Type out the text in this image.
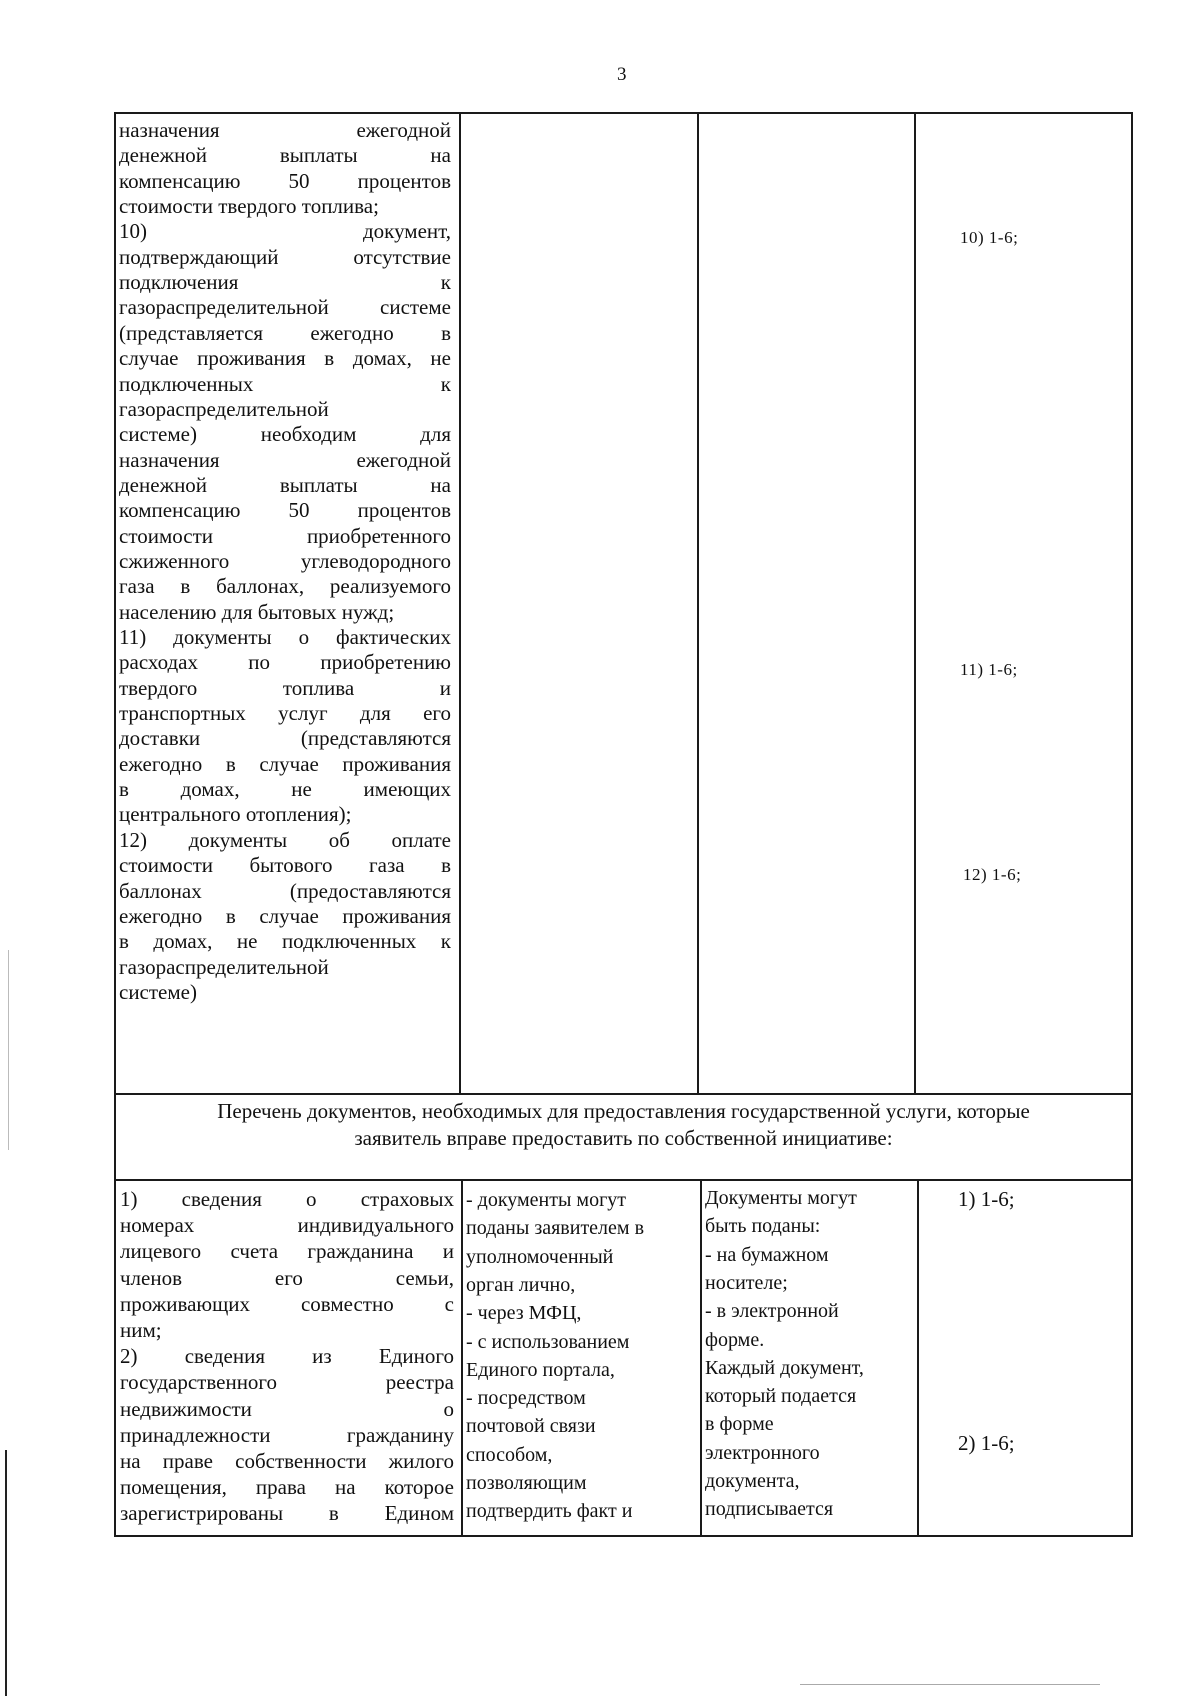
3
назначения ежегодной
денежной выплаты на
компенсацию 50 процентов
стоимости твердого топлива;
10) документ,
подтверждающий отсутствие
подключения к
газораспределительной системе
(представляется ежегодно в
случае проживания в домах, не
подключенных к
газораспределительной
системе) необходим для
назначения ежегодной
денежной выплаты на
компенсацию 50 процентов
стоимости приобретенного
сжиженного углеводородного
газа в баллонах, реализуемого
населению для бытовых нужд;
11) документы о фактических
расходах по приобретению
твердого топлива и
транспортных услуг для его
доставки (представляются
ежегодно в случае проживания
в домах, не имеющих
центрального отопления);
12) документы об оплате
стоимости бытового газа в
баллонах (предоставляются
ежегодно в случае проживания
в домах, не подключенных к
газораспределительной
системе)
10) 1-6;
11) 1-6;
12) 1-6;
Перечень документов, необходимых для предоставления государственной услуги, которые
заявитель вправе предоставить по собственной инициативе:
1) сведения о страховых
номерах индивидуального
лицевого счета гражданина и
членов его семьи,
проживающих совместно с
ним;
2) сведения из Единого
государственного реестра
недвижимости о
принадлежности гражданину
на праве собственности жилого
помещения, права на которое
зарегистрированы в Едином
- документы могут
поданы заявителем в
уполномоченный
орган лично,
- через МФЦ,
- с использованием
Единого портала,
- посредством
почтовой связи
способом,
позволяющим
подтвердить факт и
Документы могут
быть поданы:
- на бумажном
носителе;
- в электронной
форме.
Каждый документ,
который подается
в форме
электронного
документа,
подписывается
1) 1-6;
2) 1-6;
